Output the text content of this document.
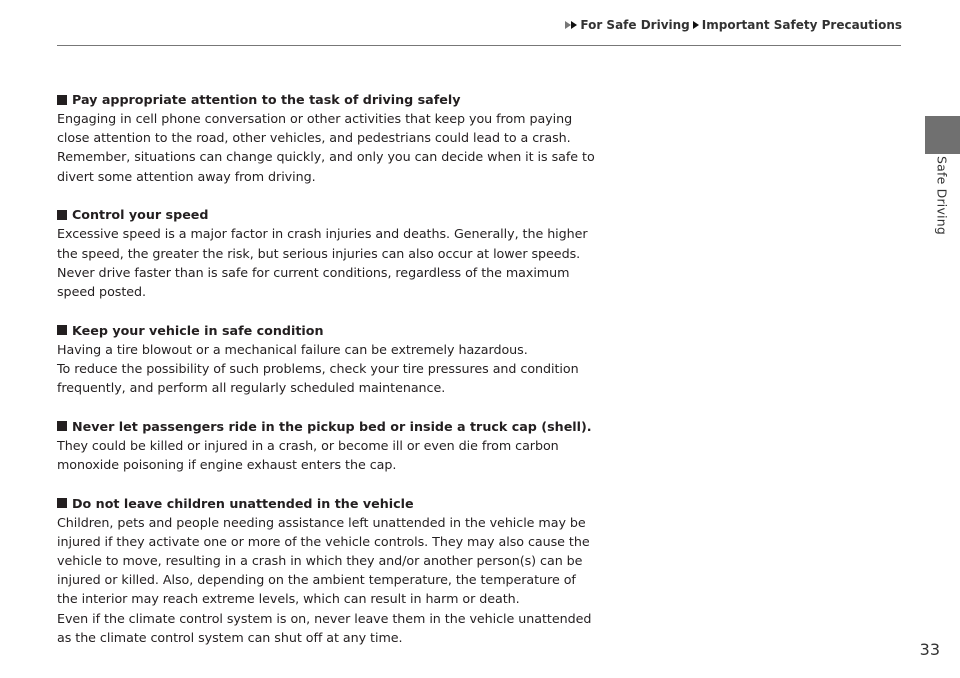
For Safe Driving Important Safety Precautions
Safe Driving
Pay appropriate attention to the task of driving safely

Engaging in cell phone conversation or other activities that keep you from paying

close attention to the road, other vehicles, and pedestrians could lead to a crash.

Remember, situations can change quickly, and only you can decide when it is safe to

divert some attention away from driving.

Control your speed

Excessive speed is a major factor in crash injuries and deaths. Generally, the higher

the speed, the greater the risk, but serious injuries can also occur at lower speeds.

Never drive faster than is safe for current conditions, regardless of the maximum

speed posted.

Keep your vehicle in safe condition

Having a tire blowout or a mechanical failure can be extremely hazardous.

To reduce the possibility of such problems, check your tire pressures and condition

frequently, and perform all regularly scheduled maintenance.

Never let passengers ride in the pickup bed or inside a truck cap (shell).

They could be killed or injured in a crash, or become ill or even die from carbon

monoxide poisoning if engine exhaust enters the cap.

Do not leave children unattended in the vehicle

Children, pets and people needing assistance left unattended in the vehicle may be

injured if they activate one or more of the vehicle controls. They may also cause the

vehicle to move, resulting in a crash in which they and/or another person(s) can be

injured or killed. Also, depending on the ambient temperature, the temperature of

the interior may reach extreme levels, which can result in harm or death.

Even if the climate control system is on, never leave them in the vehicle unattended

as the climate control system can shut off at any time.

33
